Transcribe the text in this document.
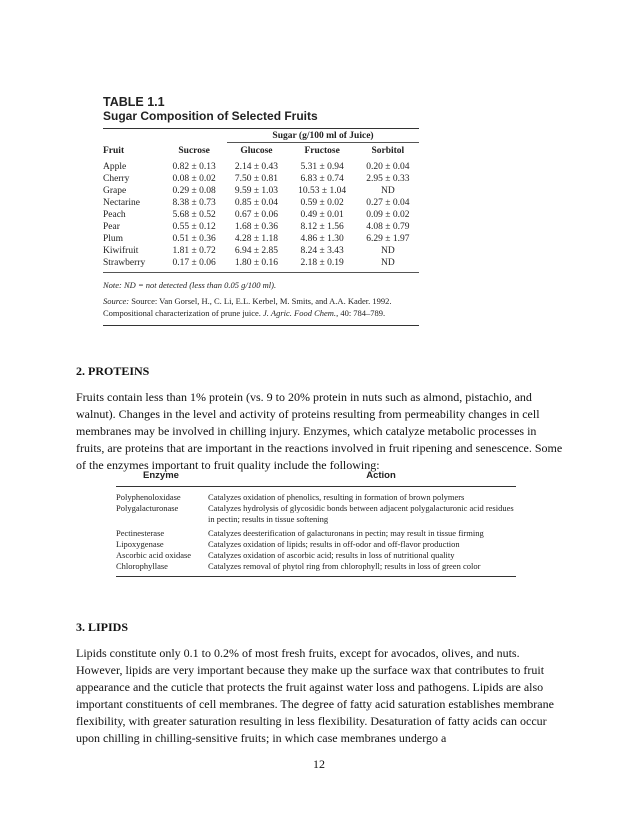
TABLE 1.1
Sugar Composition of Selected Fruits
Sugar (g/100 ml of Juice)
Fruit	Sucrose	Glucose	Fructose	Sorbitol
Apple	0.82 ± 0.13	2.14 ± 0.43	5.31 ± 0.94	0.20 ± 0.04
Cherry	0.08 ± 0.02	7.50 ± 0.81	6.83 ± 0.74	2.95 ± 0.33
Grape	0.29 ± 0.08	9.59 ± 1.03	10.53 ± 1.04	ND
Nectarine	8.38 ± 0.73	0.85 ± 0.04	0.59 ± 0.02	0.27 ± 0.04
Peach	5.68 ± 0.52	0.67 ± 0.06	0.49 ± 0.01	0.09 ± 0.02
Pear	0.55 ± 0.12	1.68 ± 0.36	8.12 ± 1.56	4.08 ± 0.79
Plum	0.51 ± 0.36	4.28 ± 1.18	4.86 ± 1.30	6.29 ± 1.97
Kiwifruit	1.81 ± 0.72	6.94 ± 2.85	8.24 ± 3.43	ND
Strawberry	0.17 ± 0.06	1.80 ± 0.16	2.18 ± 0.19	ND
Note: ND = not detected (less than 0.05 g/100 ml).
Source: Source: Van Gorsel, H., C. Li, E.L. Kerbel, M. Smits, and A.A. Kader. 1992. Compositional characterization of prune juice. J. Agric. Food Chem., 40: 784–789.
2. PROTEINS

Fruits contain less than 1% protein (vs. 9 to 20% protein in nuts such as almond, pistachio, and walnut). Changes in the level and activity of proteins resulting from permeability changes in cell membranes may be involved in chilling injury. Enzymes, which catalyze metabolic processes in fruits, are proteins that are important in the reactions involved in fruit ripening and senescence. Some of the enzymes important to fruit quality include the following:

Enzyme	Action
Polyphenoloxidase	Catalyzes oxidation of phenolics, resulting in formation of brown polymers
Polygalacturonase	Catalyzes hydrolysis of glycosidic bonds between adjacent polygalacturonic acid residues in pectin; results in tissue softening
Pectinesterase	Catalyzes deesterification of galacturonans in pectin; may result in tissue firming
Lipoxygenase	Catalyzes oxidation of lipids; results in off-odor and off-flavor production
Ascorbic acid oxidase	Catalyzes oxidation of ascorbic acid; results in loss of nutritional quality
Chlorophyllase	Catalyzes removal of phytol ring from chlorophyll; results in loss of green color
3. LIPIDS

Lipids constitute only 0.1 to 0.2% of most fresh fruits, except for avocados, olives, and nuts. However, lipids are very important because they make up the surface wax that contributes to fruit appearance and the cuticle that protects the fruit against water loss and pathogens. Lipids are also important constituents of cell membranes. The degree of fatty acid saturation establishes membrane flexibility, with greater saturation resulting in less flexibility. Desaturation of fatty acids can occur upon chilling in chilling-sensitive fruits; in which case membranes undergo a

12
